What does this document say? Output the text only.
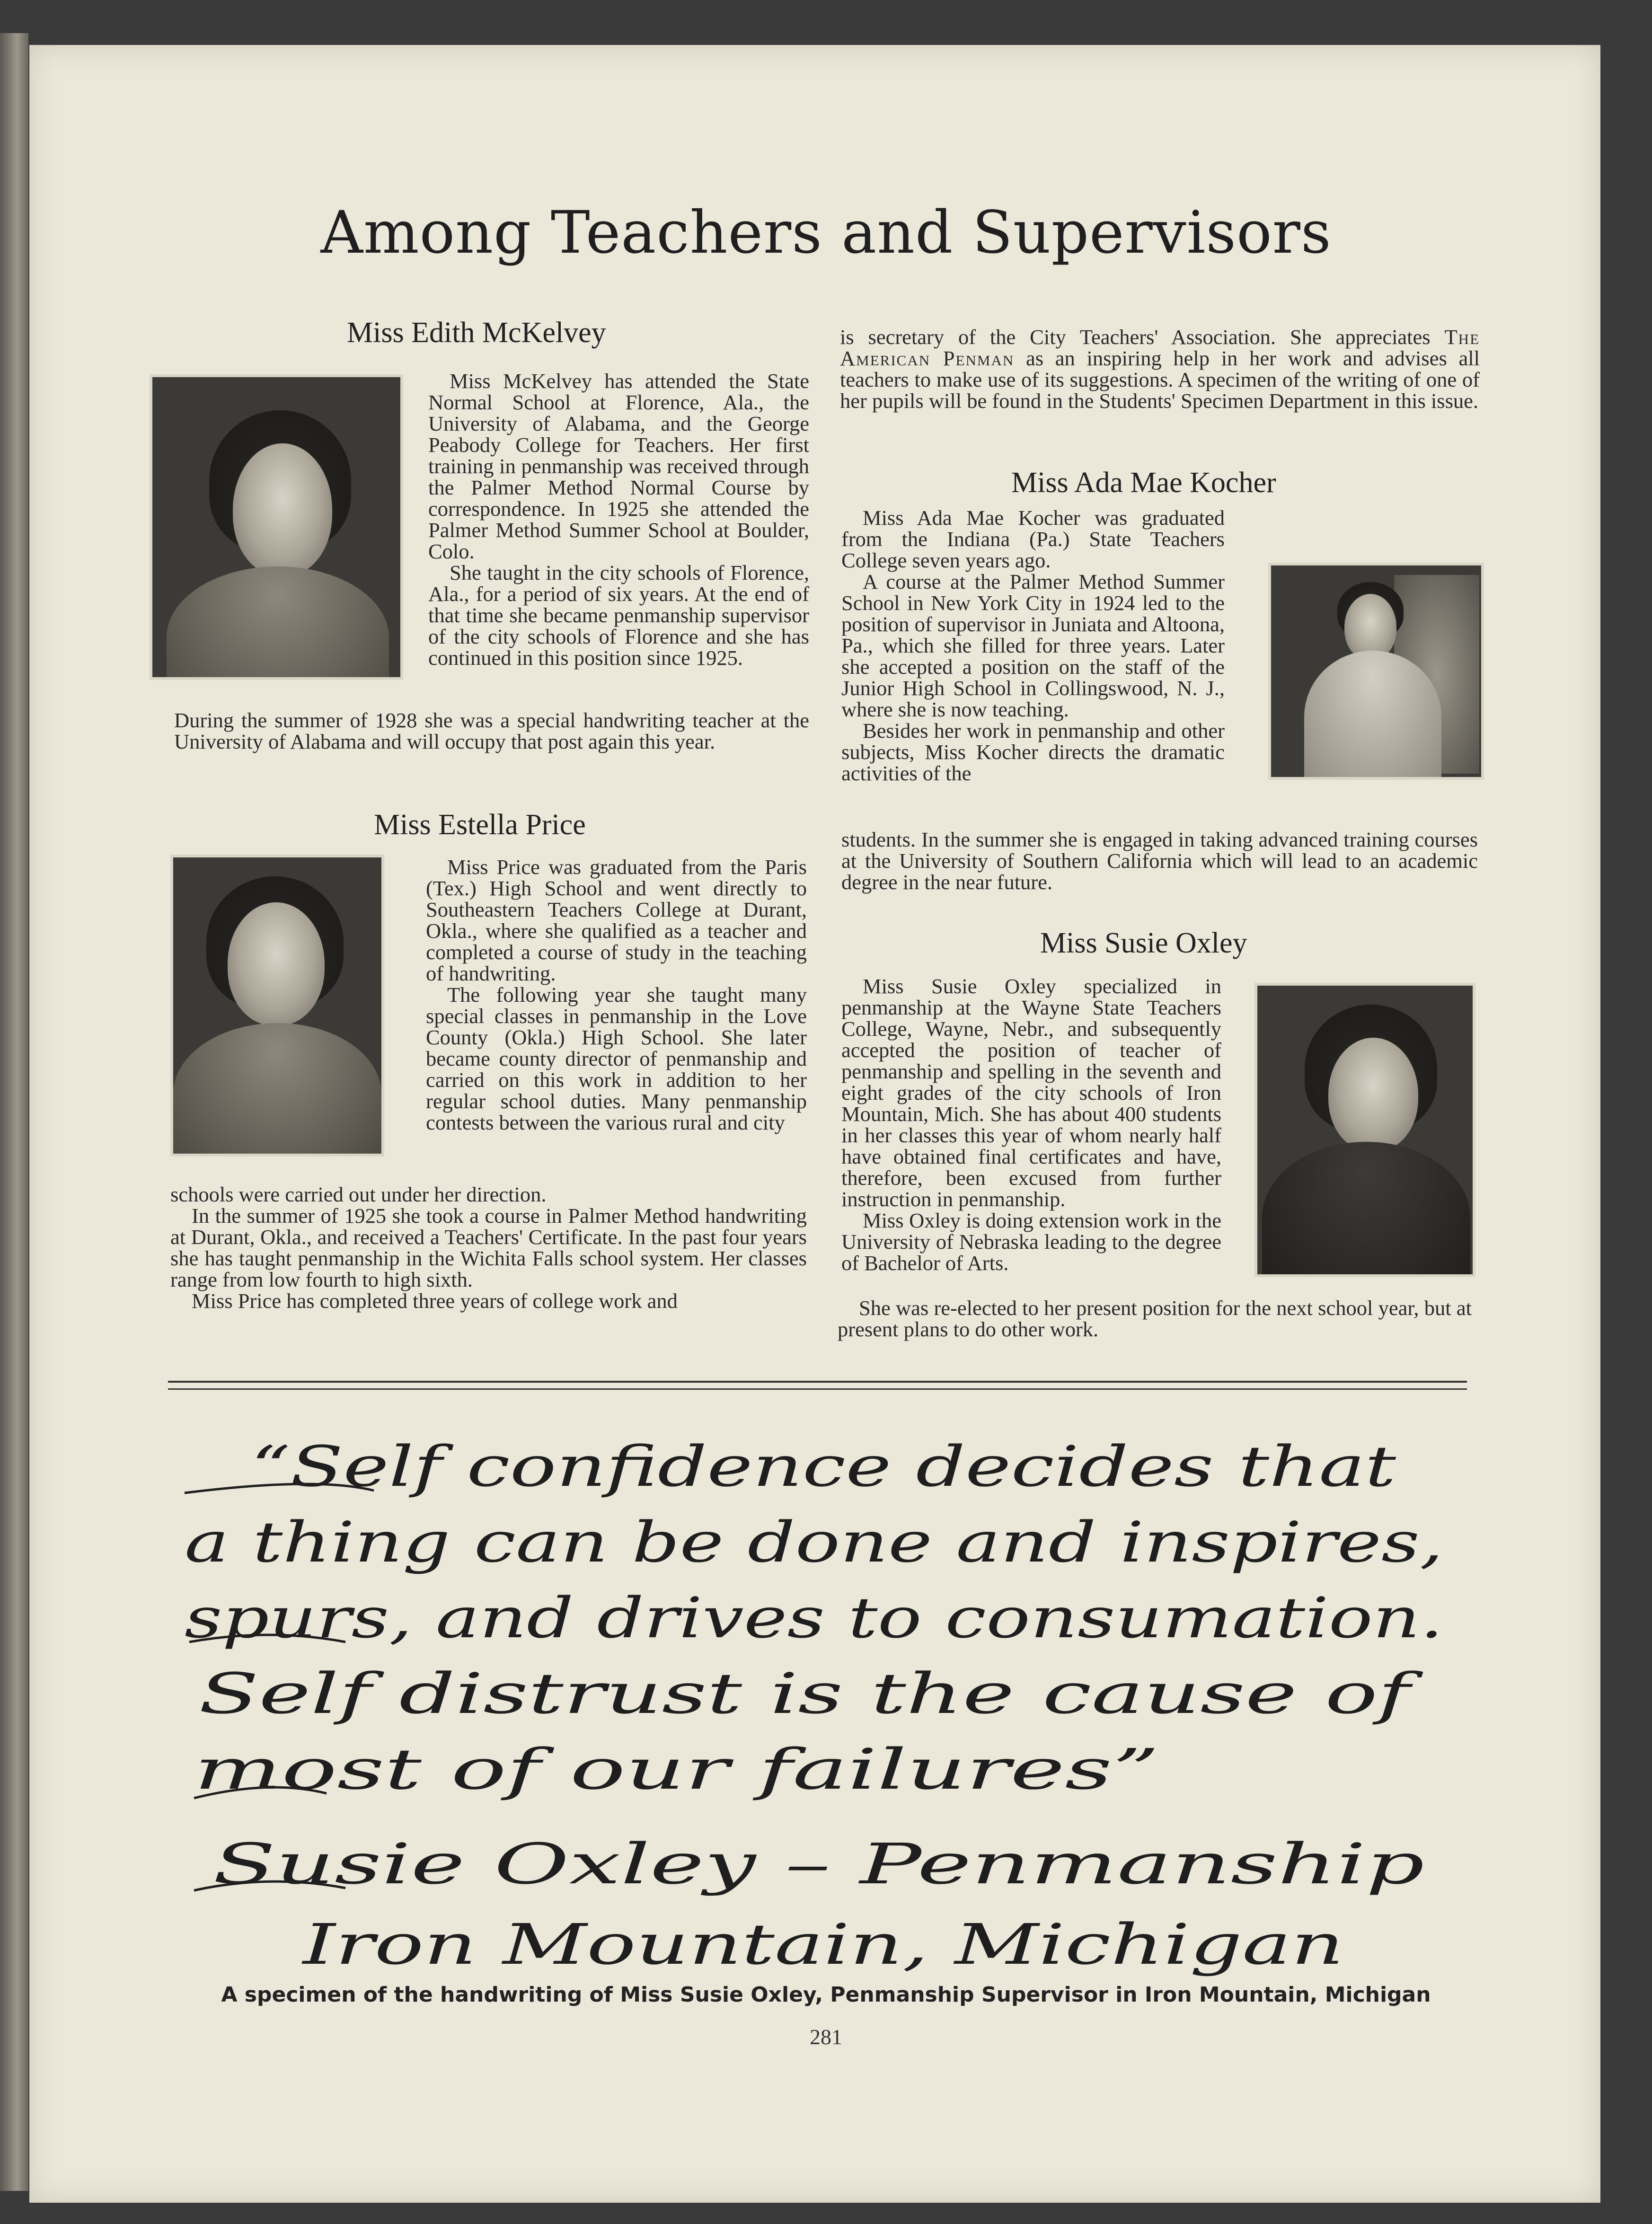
Among Teachers and Supervisors
Miss Edith McKelvey

Miss McKelvey has attended the State Normal School at Florence, Ala., the University of Alabama, and the George Peabody College for Teachers. Her first training in penmanship was received through the Palmer Method Normal Course by correspondence. In 1925 she attended the Palmer Method Summer School at Boulder, Colo.

She taught in the city schools of Florence, Ala., for a period of six years. At the end of that time she became penmanship supervisor of the city schools of Florence and she has continued in this position since 1925.

During the summer of 1928 she was a special handwriting teacher at the University of Alabama and will occupy that post again this year.

Miss Estella Price

Miss Price was graduated from the Paris (Tex.) High School and went directly to Southeastern Teachers College at Durant, Okla., where she qualified as a teacher and completed a course of study in the teaching of handwriting.

The following year she taught many special classes in penmanship in the Love County (Okla.) High School. She later became county director of penmanship and carried on this work in addition to her regular school duties. Many penmanship contests between the various rural and city

schools were carried out under her direction.

In the summer of 1925 she took a course in Palmer Method handwriting at Durant, Okla., and received a Teachers' Certificate. In the past four years she has taught penmanship in the Wichita Falls school system. Her classes range from low fourth to high sixth.

Miss Price has completed three years of college work and

is secretary of the City Teachers' Association. She appreciates The American Penman as an inspiring help in her work and advises all teachers to make use of its suggestions. A specimen of the writing of one of her pupils will be found in the Students' Specimen Department in this issue.

Miss Ada Mae Kocher

Miss Ada Mae Kocher was graduated from the Indiana (Pa.) State Teachers College seven years ago.

A course at the Palmer Method Summer School in New York City in 1924 led to the position of supervisor in Juniata and Altoona, Pa., which she filled for three years. Later she accepted a position on the staff of the Junior High School in Collingswood, N. J., where she is now teaching.

Besides her work in penmanship and other subjects, Miss Kocher directs the dramatic activities of the

students. In the summer she is engaged in taking advanced training courses at the University of Southern California which will lead to an academic degree in the near future.

Miss Susie Oxley

Miss Susie Oxley specialized in penmanship at the Wayne State Teachers College, Wayne, Nebr., and subsequently accepted the position of teacher of penmanship and spelling in the seventh and eight grades of the city schools of Iron Mountain, Mich. She has about 400 students in her classes this year of whom nearly half have obtained final certificates and have, therefore, been excused from further instruction in penmanship.

Miss Oxley is doing extension work in the University of Nebraska leading to the degree of Bachelor of Arts.

She was re-elected to her present position for the next school year, but at present plans to do other work.

“Self confidence decides that
a thing can be done and inspires,
spurs, and drives to consumation.
Self distrust is the cause of
most of our failures”
Susie Oxley – Penmanship
Iron Mountain, Michigan
A specimen of the handwriting of Miss Susie Oxley, Penmanship Supervisor in Iron Mountain, Michigan
281
